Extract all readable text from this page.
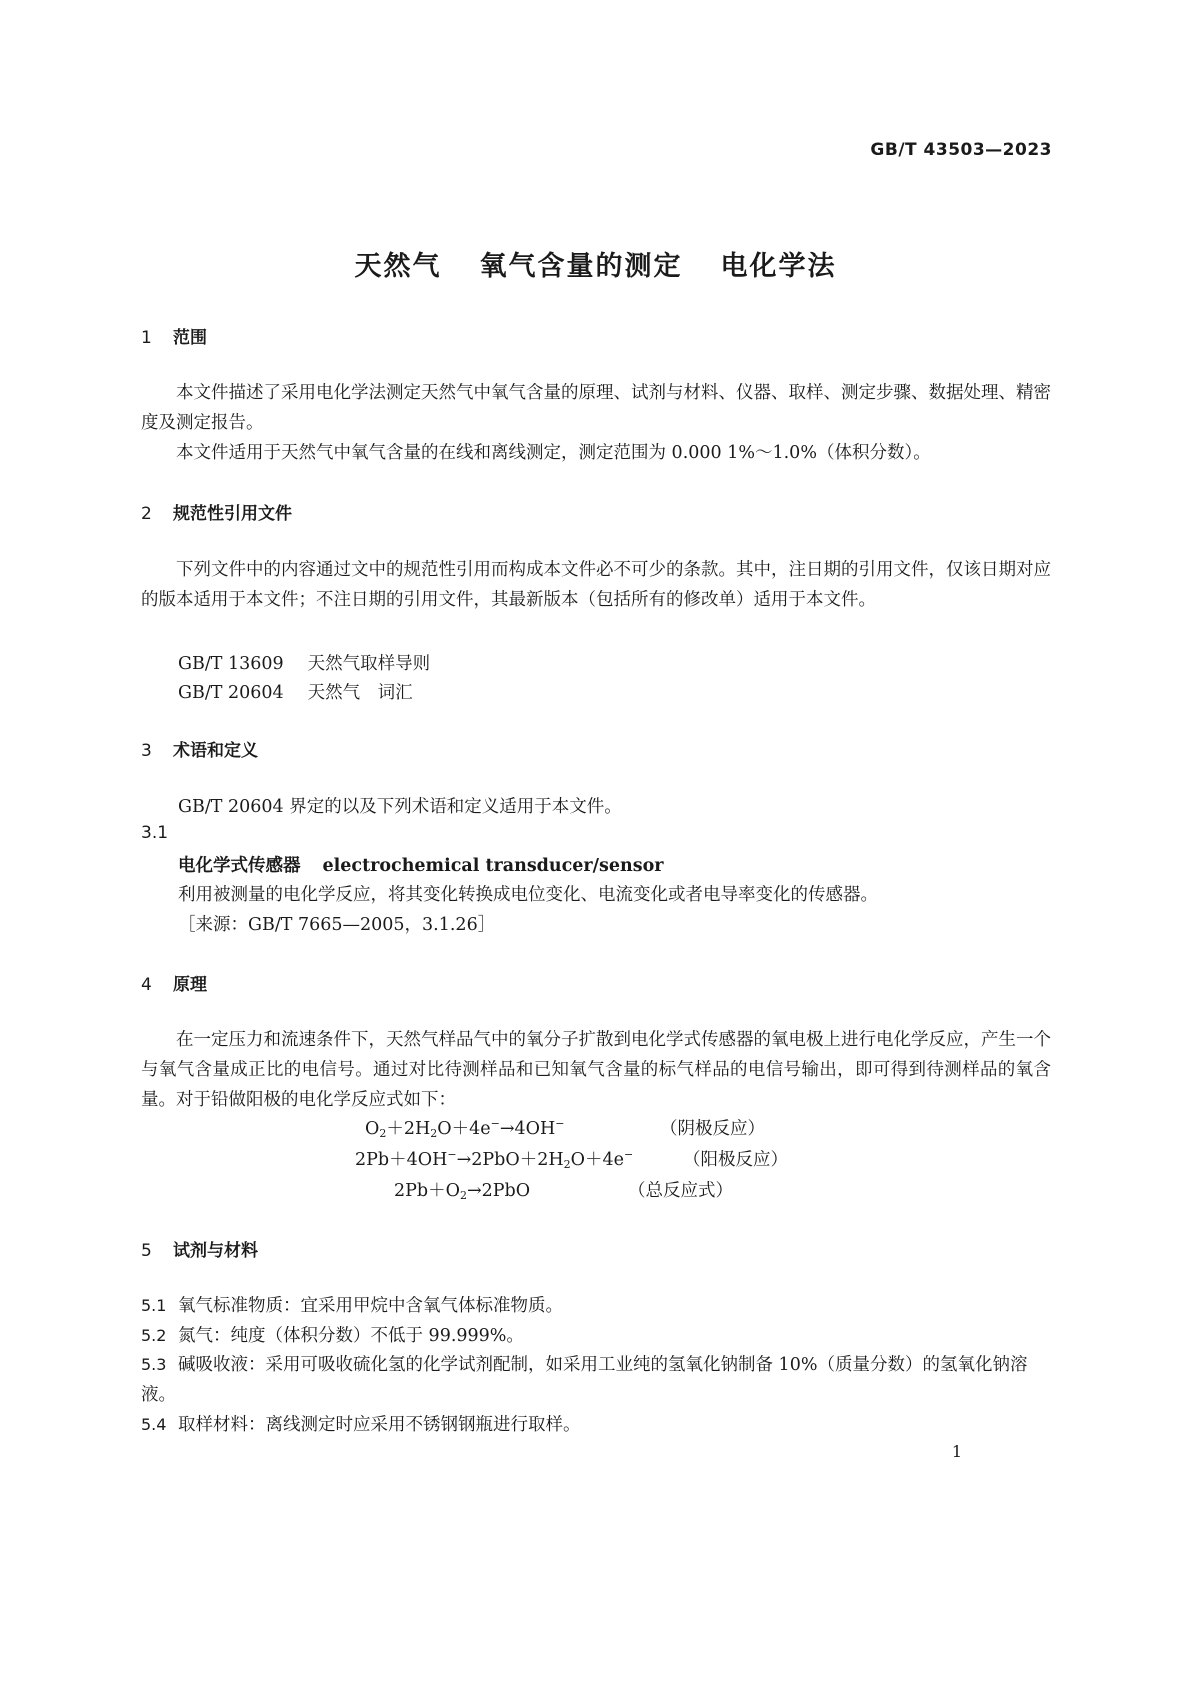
GB/T 43503—2023
天然气 氧气含量的测定 电化学法
1 范围

本文件描述了采用电化学法测定天然气中氧气含量的原理、试剂与材料、仪器、取样、测定步骤、数据处理、精密度及测定报告。

本文件适用于天然气中氧气含量的在线和离线测定，测定范围为 0.000 1%～1.0%（体积分数）。

2 规范性引用文件

下列文件中的内容通过文中的规范性引用而构成本文件必不可少的条款。其中，注日期的引用文件，仅该日期对应的版本适用于本文件；不注日期的引用文件，其最新版本（包括所有的修改单）适用于本文件。

GB/T 13609 天然气取样导则
GB/T 20604 天然气　词汇
3 术语和定义
GB/T 20604 界定的以及下列术语和定义适用于本文件。
3.1
电化学式传感器 electrochemical transducer/sensor
利用被测量的电化学反应，将其变化转换成电位变化、电流变化或者电导率变化的传感器。
［来源：GB/T 7665—2005，3.1.26］
4 原理

在一定压力和流速条件下，天然气样品气中的氧分子扩散到电化学式传感器的氧电极上进行电化学反应，产生一个与氧气含量成正比的电信号。通过对比待测样品和已知氧气含量的标气样品的电信号输出，即可得到待测样品的氧含量。对于铅做阳极的电化学反应式如下：

$O_2+2H_2O+4e^-\to 4OH^-$	（阴极反应）
$2Pb+4OH^-\to 2PbO+2H_2O+4e^-$	（阳极反应）
$2Pb+O_2\to 2PbO$	（总反应式）
5 试剂与材料
5.1 氧气标准物质：宜采用甲烷中含氧气体标准物质。
5.2 氮气：纯度（体积分数）不低于 99.999%。
5.3 碱吸收液：采用可吸收硫化氢的化学试剂配制，如采用工业纯的氢氧化钠制备 10%（质量分数）的氢氧化钠溶液。
5.4 取样材料：离线测定时应采用不锈钢钢瓶进行取样。
1
